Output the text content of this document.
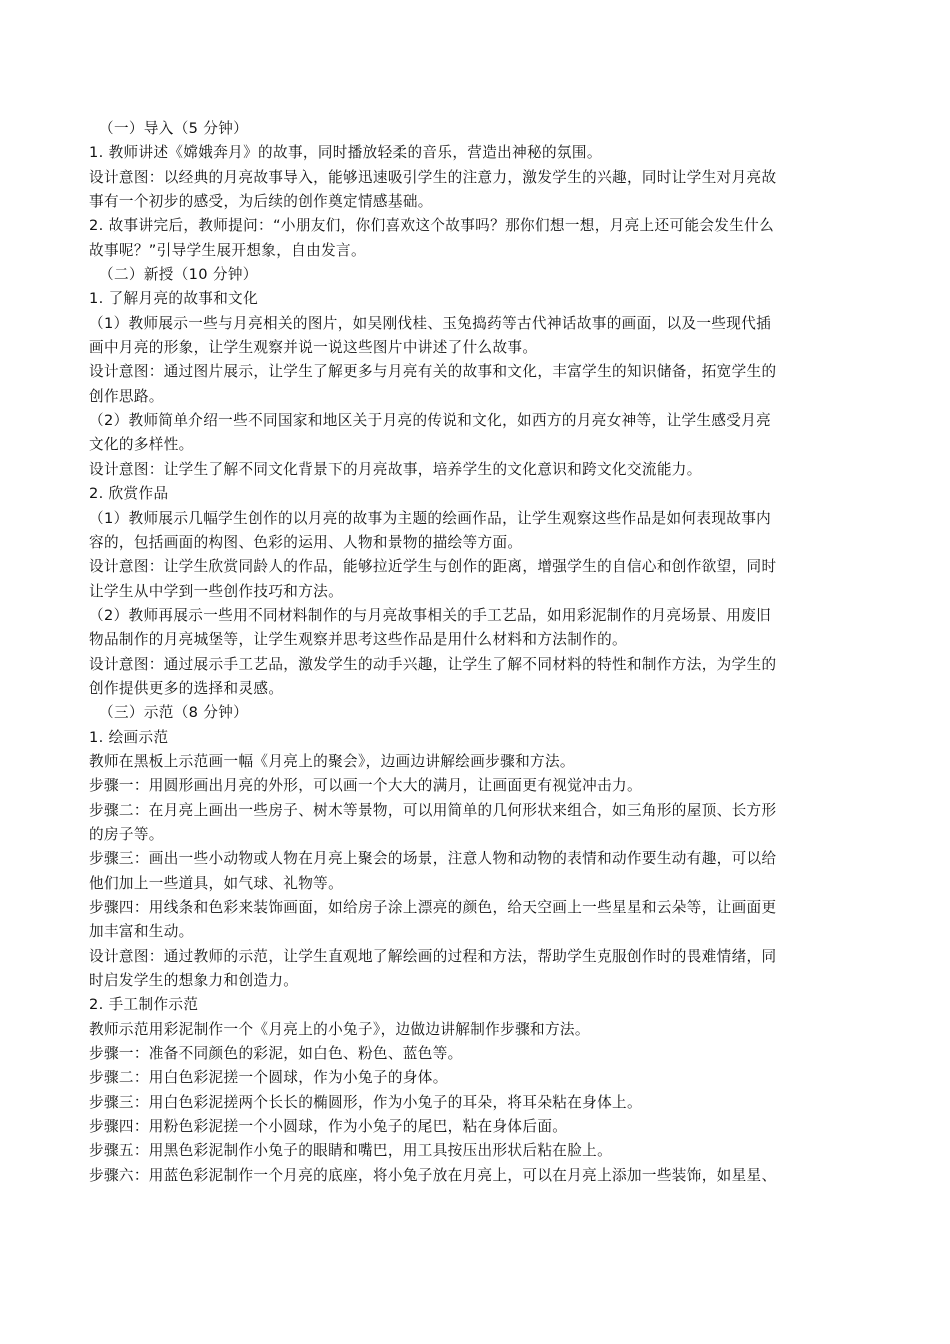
（一）导入（5 分钟）
1. 教师讲述《嫦娥奔月》的故事，同时播放轻柔的音乐，营造出神秘的氛围。
设计意图：以经典的月亮故事导入，能够迅速吸引学生的注意力，激发学生的兴趣，同时让学生对月亮故
事有一个初步的感受，为后续的创作奠定情感基础。
2. 故事讲完后，教师提问：“小朋友们，你们喜欢这个故事吗？那你们想一想，月亮上还可能会发生什么
故事呢？”引导学生展开想象，自由发言。
（二）新授（10 分钟）
1. 了解月亮的故事和文化
（1）教师展示一些与月亮相关的图片，如吴刚伐桂、玉兔捣药等古代神话故事的画面，以及一些现代插
画中月亮的形象，让学生观察并说一说这些图片中讲述了什么故事。
设计意图：通过图片展示，让学生了解更多与月亮有关的故事和文化，丰富学生的知识储备，拓宽学生的
创作思路。
（2）教师简单介绍一些不同国家和地区关于月亮的传说和文化，如西方的月亮女神等，让学生感受月亮
文化的多样性。
设计意图：让学生了解不同文化背景下的月亮故事，培养学生的文化意识和跨文化交流能力。
2. 欣赏作品
（1）教师展示几幅学生创作的以月亮的故事为主题的绘画作品，让学生观察这些作品是如何表现故事内
容的，包括画面的构图、色彩的运用、人物和景物的描绘等方面。
设计意图：让学生欣赏同龄人的作品，能够拉近学生与创作的距离，增强学生的自信心和创作欲望，同时
让学生从中学到一些创作技巧和方法。
（2）教师再展示一些用不同材料制作的与月亮故事相关的手工艺品，如用彩泥制作的月亮场景、用废旧
物品制作的月亮城堡等，让学生观察并思考这些作品是用什么材料和方法制作的。
设计意图：通过展示手工艺品，激发学生的动手兴趣，让学生了解不同材料的特性和制作方法，为学生的
创作提供更多的选择和灵感。
（三）示范（8 分钟）
1. 绘画示范
教师在黑板上示范画一幅《月亮上的聚会》，边画边讲解绘画步骤和方法。
步骤一：用圆形画出月亮的外形，可以画一个大大的满月，让画面更有视觉冲击力。
步骤二：在月亮上画出一些房子、树木等景物，可以用简单的几何形状来组合，如三角形的屋顶、长方形
的房子等。
步骤三：画出一些小动物或人物在月亮上聚会的场景，注意人物和动物的表情和动作要生动有趣，可以给
他们加上一些道具，如气球、礼物等。
步骤四：用线条和色彩来装饰画面，如给房子涂上漂亮的颜色，给天空画上一些星星和云朵等，让画面更
加丰富和生动。
设计意图：通过教师的示范，让学生直观地了解绘画的过程和方法，帮助学生克服创作时的畏难情绪，同
时启发学生的想象力和创造力。
2. 手工制作示范
教师示范用彩泥制作一个《月亮上的小兔子》，边做边讲解制作步骤和方法。
步骤一：准备不同颜色的彩泥，如白色、粉色、蓝色等。
步骤二：用白色彩泥搓一个圆球，作为小兔子的身体。
步骤三：用白色彩泥搓两个长长的椭圆形，作为小兔子的耳朵，将耳朵粘在身体上。
步骤四：用粉色彩泥搓一个小圆球，作为小兔子的尾巴，粘在身体后面。
步骤五：用黑色彩泥制作小兔子的眼睛和嘴巴，用工具按压出形状后粘在脸上。
步骤六：用蓝色彩泥制作一个月亮的底座，将小兔子放在月亮上，可以在月亮上添加一些装饰，如星星、
